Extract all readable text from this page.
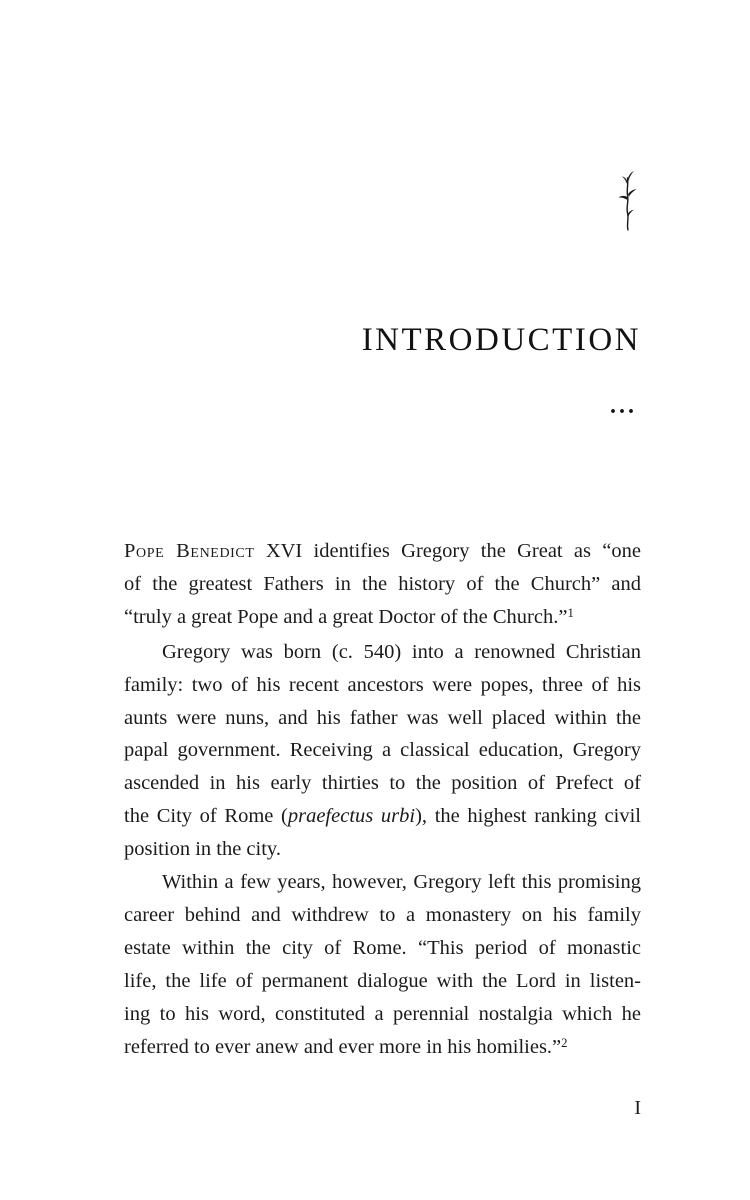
INTRODUCTION
...
Pope Benedict XVI identifies Gregory the Great as “one
of the greatest Fathers in the history of the Church” and
“truly a great Pope and a great Doctor of the Church.”$^1$
Gregory was born (c. 540) into a renowned Christian
family: two of his recent ancestors were popes, three of his
aunts were nuns, and his father was well placed within the
papal government. Receiving a classical education, Gregory
ascended in his early thirties to the position of Prefect of
the City of Rome (praefectus urbi), the highest ranking civil
position in the city.
Within a few years, however, Gregory left this promising
career behind and withdrew to a monastery on his family
estate within the city of Rome. “This period of monastic
life, the life of permanent dialogue with the Lord in listen-
ing to his word, constituted a perennial nostalgia which he
referred to ever anew and ever more in his homilies.”$^2$
I
